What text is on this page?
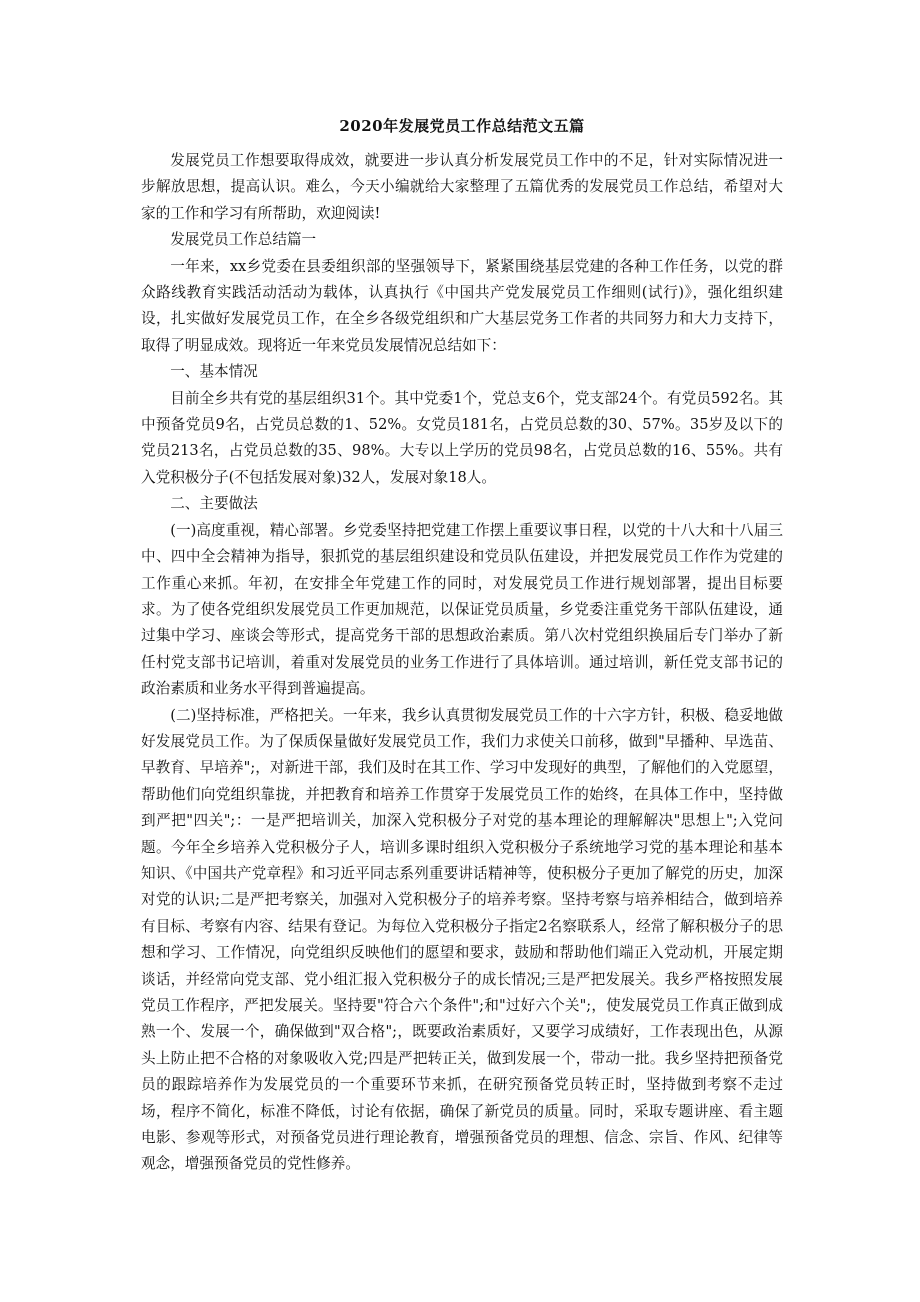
2020年发展党员工作总结范文五篇

发展党员工作想要取得成效，就要进一步认真分析发展党员工作中的不足，针对实际情况进一步解放思想，提高认识。难么，今天小编就给大家整理了五篇优秀的发展党员工作总结，希望对大家的工作和学习有所帮助，欢迎阅读!

发展党员工作总结篇一

一年来，xx乡党委在县委组织部的坚强领导下，紧紧围绕基层党建的各种工作任务，以党的群众路线教育实践活动活动为载体，认真执行《中国共产党发展党员工作细则(试行)》，强化组织建设，扎实做好发展党员工作，在全乡各级党组织和广大基层党务工作者的共同努力和大力支持下，取得了明显成效。现将近一年来党员发展情况总结如下：

一、基本情况

目前全乡共有党的基层组织31个。其中党委1个，党总支6个，党支部24个。有党员592名。其中预备党员9名，占党员总数的1、52%。女党员181名，占党员总数的30、57%。35岁及以下的党员213名，占党员总数的35、98%。大专以上学历的党员98名，占党员总数的16、55%。共有入党积极分子(不包括发展对象)32人，发展对象18人。

二、主要做法

(一)高度重视，精心部署。乡党委坚持把党建工作摆上重要议事日程，以党的十八大和十八届三中、四中全会精神为指导，狠抓党的基层组织建设和党员队伍建设，并把发展党员工作作为党建的工作重心来抓。年初，在安排全年党建工作的同时，对发展党员工作进行规划部署，提出目标要求。为了使各党组织发展党员工作更加规范，以保证党员质量，乡党委注重党务干部队伍建设，通过集中学习、座谈会等形式，提高党务干部的思想政治素质。第八次村党组织换届后专门举办了新任村党支部书记培训，着重对发展党员的业务工作进行了具体培训。通过培训，新任党支部书记的政治素质和业务水平得到普遍提高。

(二)坚持标准，严格把关。一年来，我乡认真贯彻发展党员工作的十六字方针，积极、稳妥地做好发展党员工作。为了保质保量做好发展党员工作，我们力求使关口前移，做到"早播种、早选苗、早教育、早培养";，对新进干部，我们及时在其工作、学习中发现好的典型，了解他们的入党愿望，帮助他们向党组织靠拢，并把教育和培养工作贯穿于发展党员工作的始终，在具体工作中，坚持做到严把"四关";：一是严把培训关，加深入党积极分子对党的基本理论的理解解决"思想上";入党问题。今年全乡培养入党积极分子人，培训多课时组织入党积极分子系统地学习党的基本理论和基本知识、《中国共产党章程》和习近平同志系列重要讲话精神等，使积极分子更加了解党的历史，加深对党的认识;二是严把考察关，加强对入党积极分子的培养考察。坚持考察与培养相结合，做到培养有目标、考察有内容、结果有登记。为每位入党积极分子指定2名察联系人，经常了解积极分子的思想和学习、工作情况，向党组织反映他们的愿望和要求，鼓励和帮助他们端正入党动机，开展定期谈话，并经常向党支部、党小组汇报入党积极分子的成长情况;三是严把发展关。我乡严格按照发展党员工作程序，严把发展关。坚持要"符合六个条件";和"过好六个关";，使发展党员工作真正做到成熟一个、发展一个，确保做到"双合格";，既要政治素质好，又要学习成绩好，工作表现出色，从源头上防止把不合格的对象吸收入党;四是严把转正关，做到发展一个，带动一批。我乡坚持把预备党员的跟踪培养作为发展党员的一个重要环节来抓，在研究预备党员转正时，坚持做到考察不走过场，程序不简化，标准不降低，讨论有依据，确保了新党员的质量。同时，采取专题讲座、看主题电影、参观等形式，对预备党员进行理论教育，增强预备党员的理想、信念、宗旨、作风、纪律等观念，增强预备党员的党性修养。
